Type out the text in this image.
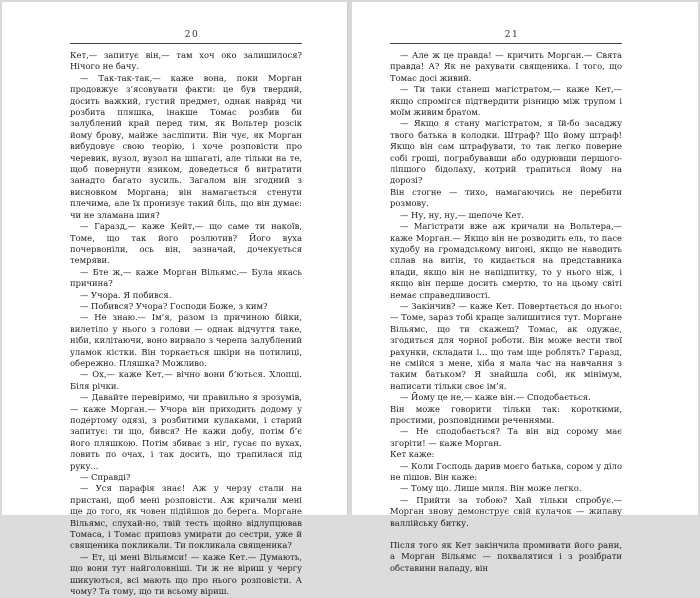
20

Кет,— запитує він,— там хоч око залишилося? Нічого не бачу.

— Так-так-так,— каже вона, поки Морган продовжує з’ясовувати факти: це був твердий, досить важкий, густий предмет, однак навряд чи розбита пляшка, інакше Томас розбив би залублений край перед тим, як Вольтер розсік йому брову, майже засліпити. Він чує, як Морган вибудовує свою теорію, і хоче розповісти про черевик, вузол, вузол на шпагаті, але тільки на те, щоб повернути язиком, доведеться б витратити занадто багато зусиль. Загалом він згодний з висновком Моргана; він намагається стенути плечима, але їх пронизує такий біль, що він думає: чи не зламана шия?

— Гаразд,— каже Кейт,— що саме ти накоїв, Томе, що так його розлютив? Його вуха почервоніли, ось він, зазначай, дочекується темряви.

— Бте ж,— каже Морган Вільямс.— Була якась причина?

— Учора. Я побився.

— Побився? Учора? Господи Боже, з ким?

— Не знаю.— Ім’я, разом із причиною бійки, вилетіло у нього з голови — однак відчуття таке, ніби, килітаючи, воно вирвало з черепа залублений уламок кістки. Він торкається шкіри на потилиці, обережно. Пляшка? Можливо.

— Ох,— каже Кет,— вічно вони б’ються. Хлопці. Біля річки.

— Давайте перевіримо, чи правильно я зрозумів,— каже Морган.— Учора він приходить додому у подертому одязі, з розбитими кулаками, і старий запитує: ти що, бився? Не кажи добу, потім б’є його пляшкою. Потім збиває з ніг, гусає по вухах, ловить по очах, і так досить, що трапилася під руку...

— Справді?

— Уся парафія знає! Аж у черзу стали на пристані, щоб мені розповісти. Аж кричали мені ще до того, як човен підійшов до берега. Моргане Вільямс, слухай-но, твій тесть щойно відлупцював Томаса, і Томас приповз умирати до сестри, уже й священика покликали. Ти покликала священика?

— Ет, ці мені Вільямси! — каже Кет.— Думають, що вони тут найголовніші. Ти ж не віриш у чергу шикуються, всі мають що про нього розповісти. А чому? Та тому, що ти всьому віриш.

21

— Але ж це правда! — кричить Морган.— Свята правда! А? Як не рахувати священика. І того, що Томас досі живий.

— Ти таки станеш магістратом,— каже Кет,— якщо спромігся підтвердити різницю між трупом і моїм живим братом.

— Якщо я стану магістратом, я їй-бо засаджу твого батька в колодки. Штраф? Що йому штраф! Якщо він сам штрафувати, то так легко поверне собі гроші, пограбувавши або одурювши першого-ліпшого бідолаху, котрий трапиться йому на дорозі?

Він стогне — тихо, намагаючись не перебити розмову.

— Ну, ну, ну,— шепоче Кет.

— Магістрати вже аж кричали на Вольтера,— каже Морган.— Якщо він не розводить ель, то пасе худобу на громадському вигоні, якщо не наводить сплав на вигін, то кидається на представника влади, якщо він не напідпитку, то у нього ніж, і якщо він перше досить смертю, то на цьому світі немає справедливості.

— Закінчив? — каже Кет. Повертається до нього: — Томе, зараз тобі краще залишитися тут. Моргане Вільямс, що ти скажеш? Томас, ак одужає, згодиться для чорної роботи. Він може вести твої рахунки, складати і... що там іще роблять? Гаразд, не смійся з мене, хіба я мала час на навчання з таким батьком? Я знайшла собі, як мінімум, написати тільки своє ім’я.

— Йому це не,— каже він.— Сподобається.

Він може говорити тільки так: короткими, простими, розповідними реченнями.

— Не сподобається? Та він від сорому має згоріти! — каже Морган.

Кет каже:

— Коли Господь дарив моєго батька, сором у діло не пішов. Він каже:

— Тому що. Лише миля. Він може легко.

— Прийти за тобою? Хай тільки спробує.— Морган знову демонструє свій кулачок — жилаву валлійську битку.

Після того як Кет закінчила промивати його рани, а Морган Вільямс — похвалятися і з розібрати обставини нападу, він
